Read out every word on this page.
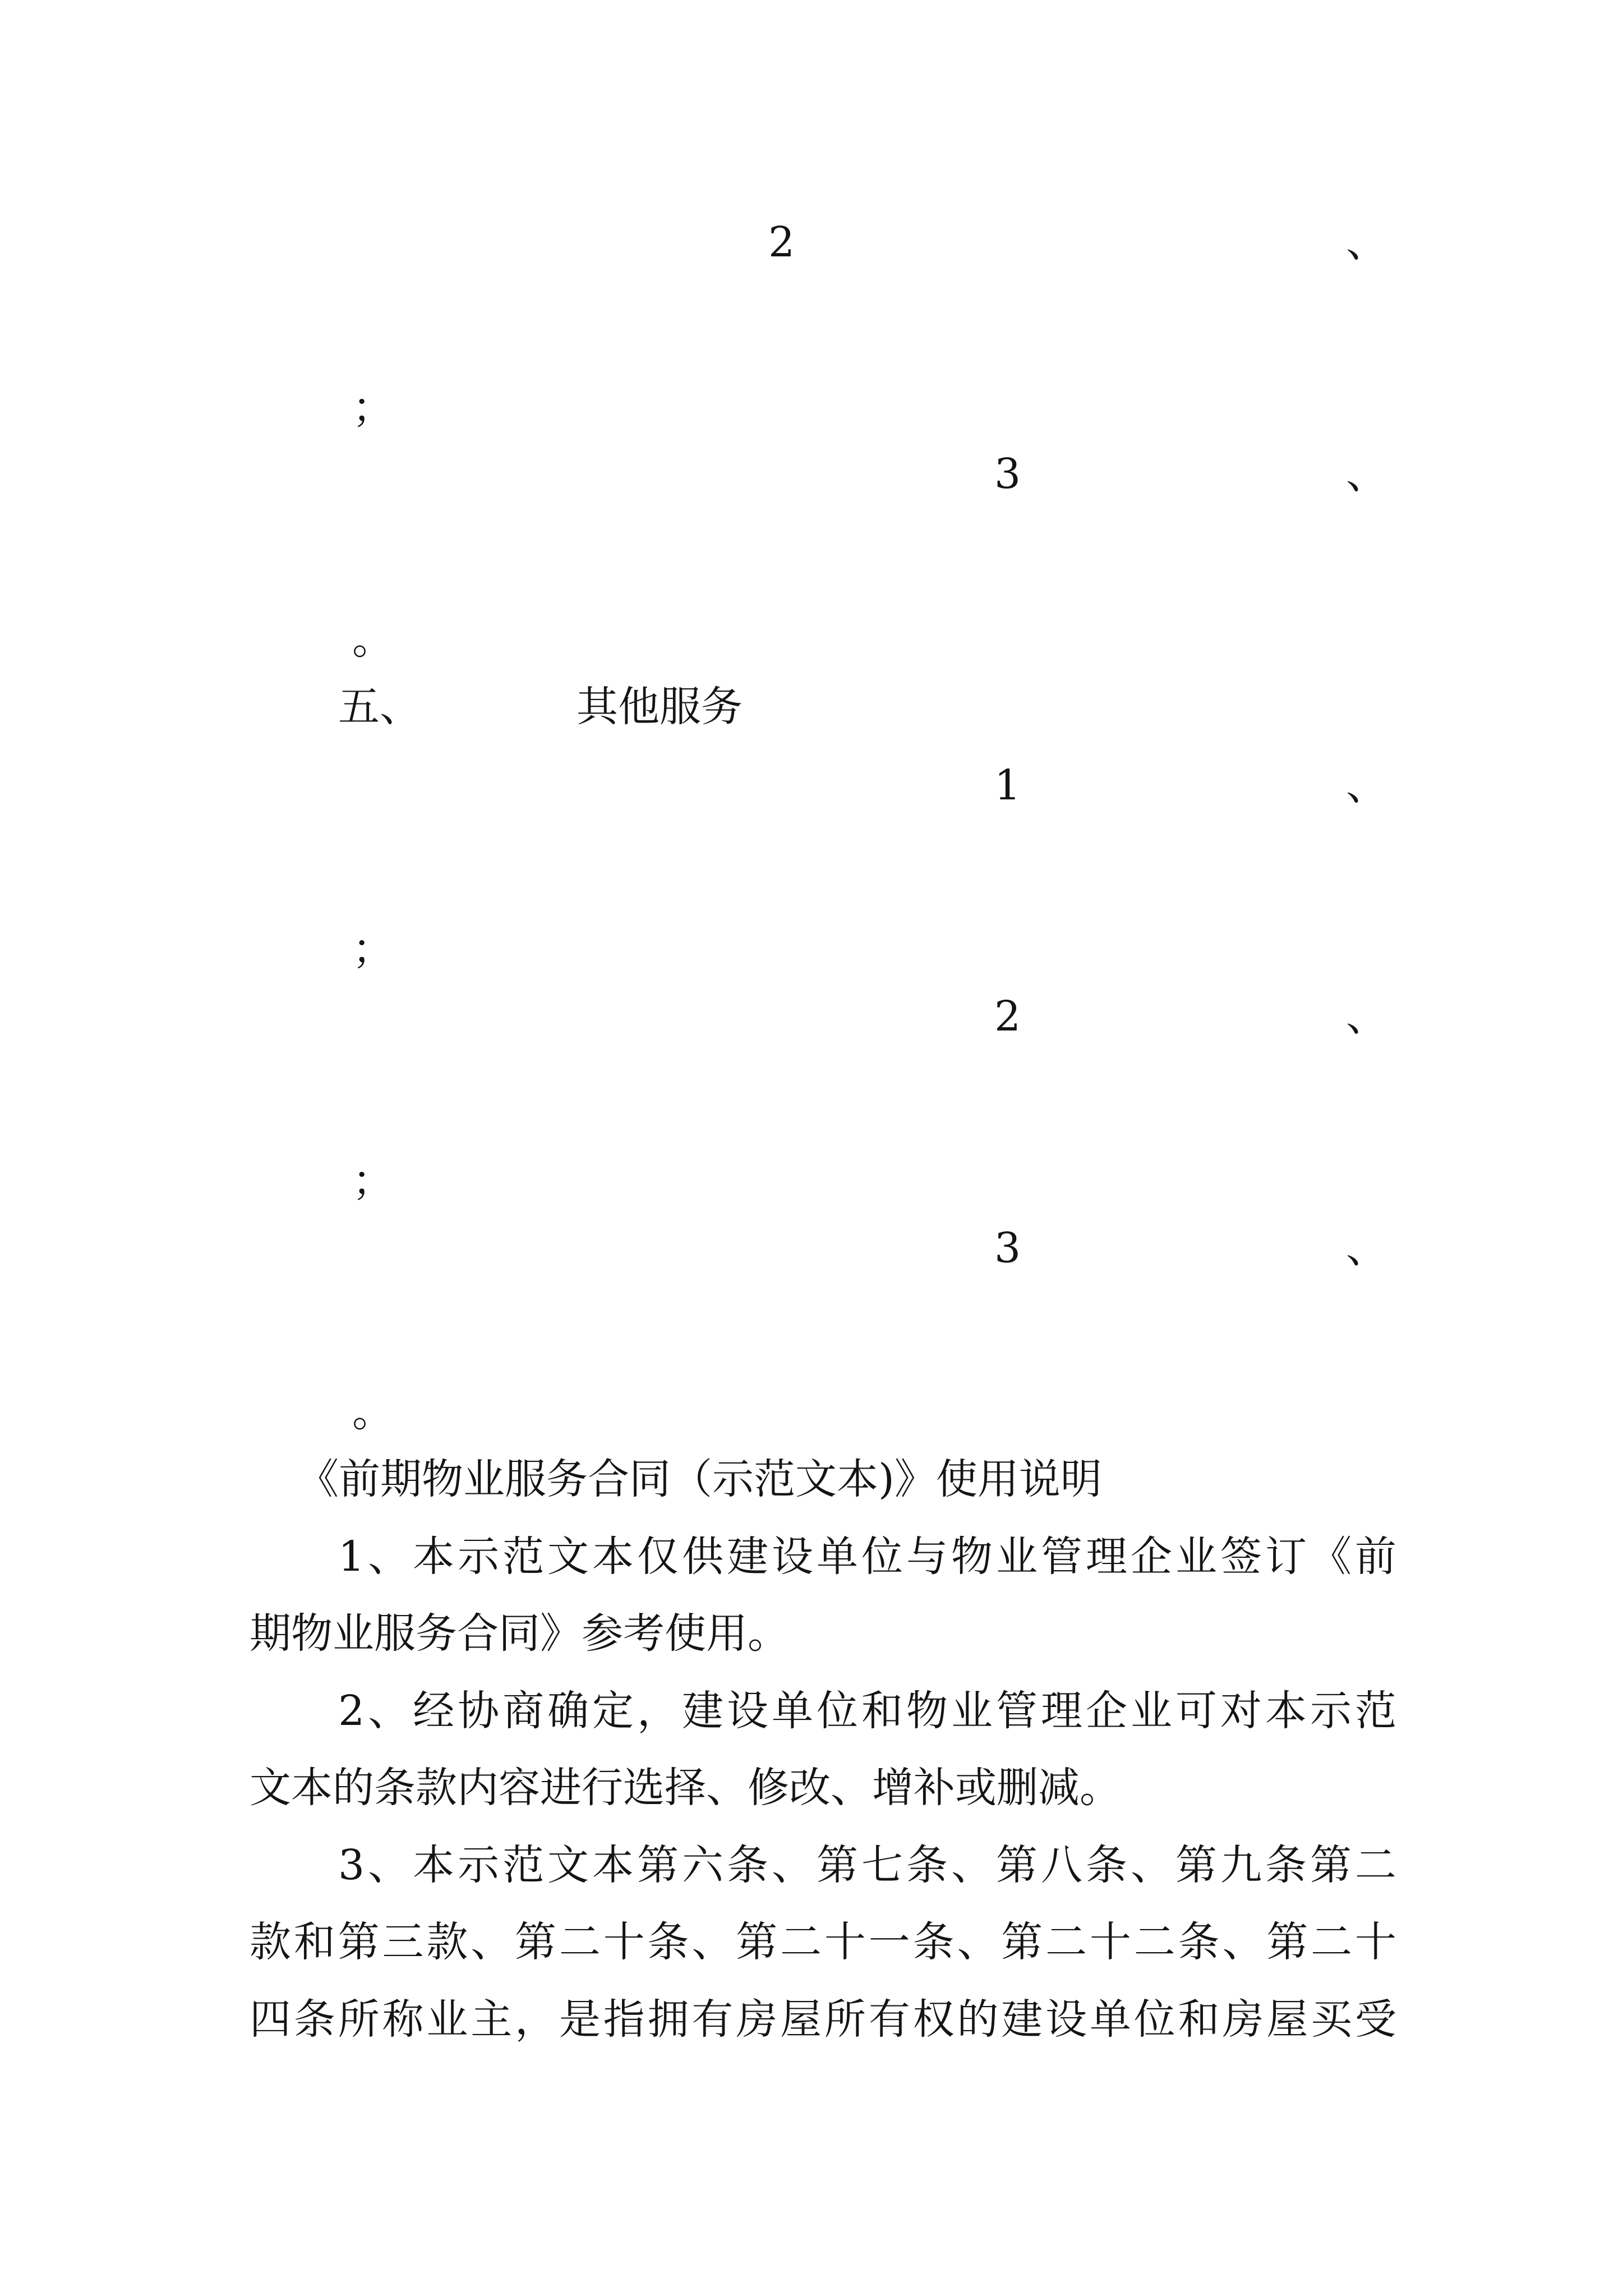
2	、
；
3	、
。
五、	其他服务
1	、
；
2	、
；
3	、
。
《前期物业服务合同（示范文本)》使用说明
1、本示范文本仅供建设单位与物业管理企业签订《前
期物业服务合同》参考使用。
2、经协商确定，建设单位和物业管理企业可对本示范
文本的条款内容进行选择、修改、增补或删减。
3、本示范文本第六条、第七条、第八条、第九条第二
款和第三款、第二十条、第二十一条、第二十二条、第二十
四条所称业主，是指拥有房屋所有权的建设单位和房屋买受
